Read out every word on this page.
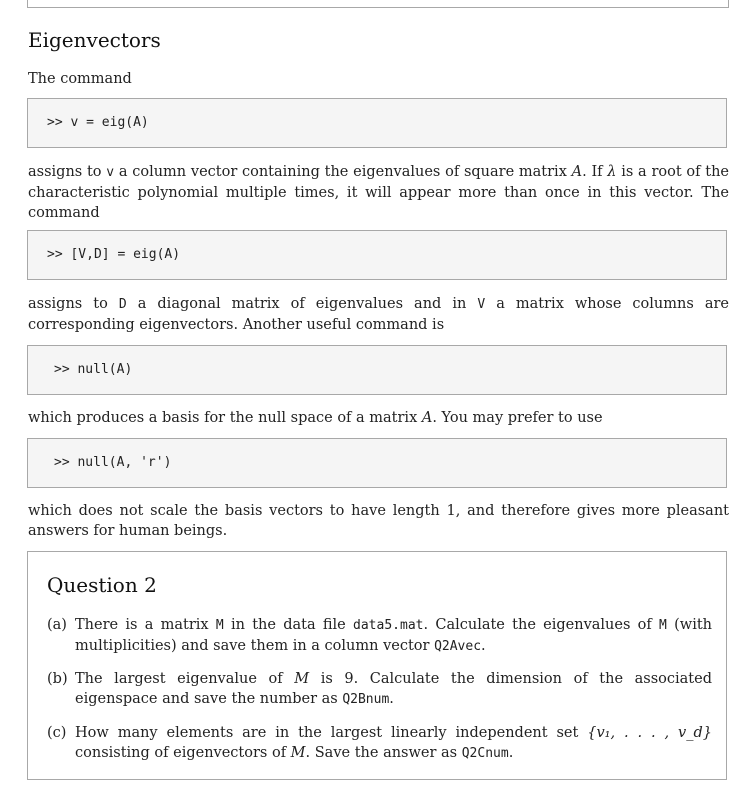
Eigenvectors

The command

>> v = eig(A)

assigns to v a column vector containing the eigenvalues of square matrix A. If λ is a root of the characteristic polynomial multiple times, it will appear more than once in this vector. The command

>> [V,D] = eig(A)

assigns to D a diagonal matrix of eigenvalues and in V a matrix whose columns are corresponding eigenvectors. Another useful command is

>> null(A)

which produces a basis for the null space of a matrix A. You may prefer to use

>> null(A, 'r')

which does not scale the basis vectors to have length 1, and therefore gives more pleasant answers for human beings.

Question 2
(a) There is a matrix M in the data file data5.mat. Calculate the eigenvalues of M (with multiplicities) and save them in a column vector Q2Avec.
(b) The largest eigenvalue of M is 9. Calculate the dimension of the associated eigenspace and save the number as Q2Bnum.
(c) How many elements are in the largest linearly independent set {v₁, . . . , v_d} consisting of eigenvectors of M. Save the answer as Q2Cnum.
